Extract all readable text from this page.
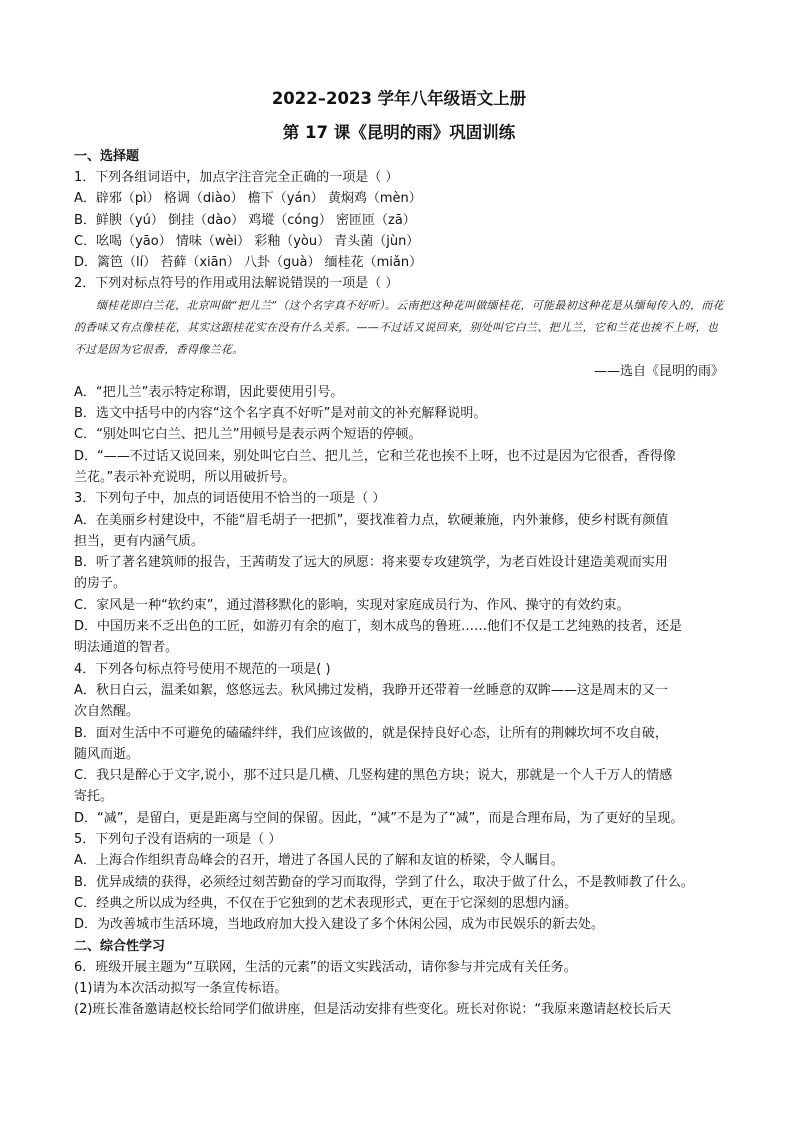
2022–2023 学年八年级语文上册

第 17 课《昆明的雨》巩固训练

一、选择题

1．下列各组词语中，加点字注音完全正确的一项是（ ）

A．辟邪（pì） 格调（diào） 檐下（yán） 黄焖鸡（mèn）

B．鲜腴（yú） 倒挂（dào） 鸡㙡（cóng） 密匝匝（zā）

C．吆喝（yāo） 情味（wèi） 彩釉（yòu） 青头菌（jùn）

D．篱笆（lí） 苔藓（xiān） 八卦（guà） 缅桂花（miǎn）

2．下列对标点符号的作用或用法解说错误的一项是（ ）

缅桂花即白兰花，北京叫做“把儿兰”（这个名字真不好听）。云南把这种花叫做缅桂花，可能最初这种花是从缅甸传入的，而花的香味又有点像桂花，其实这跟桂花实在没有什么关系。——不过话又说回来，别处叫它白兰、把儿兰，它和兰花也挨不上呀，也不过是因为它很香，香得像兰花。

——选自《昆明的雨》

A．“把儿兰”表示特定称谓，因此要使用引号。

B．选文中括号中的内容“这个名字真不好听”是对前文的补充解释说明。

C．“别处叫它白兰、把儿兰”用顿号是表示两个短语的停顿。

D．“——不过话又说回来，别处叫它白兰、把儿兰，它和兰花也挨不上呀，也不过是因为它很香，香得像

兰花。”表示补充说明，所以用破折号。

3．下列句子中，加点的词语使用不恰当的一项是（ ）

A．在美丽乡村建设中，不能“眉毛胡子一把抓”，要找准着力点，软硬兼施，内外兼修，使乡村既有颜值

担当，更有内涵气质。

B．听了著名建筑师的报告，王茜萌发了远大的夙愿：将来要专攻建筑学，为老百姓设计建造美观而实用

的房子。

C．家风是一种“软约束”，通过潜移默化的影响，实现对家庭成员行为、作风、操守的有效约束。

D．中国历来不乏出色的工匠，如游刃有余的庖丁，刻木成鸟的鲁班……他们不仅是工艺纯熟的技者，还是

明法通道的智者。

4．下列各句标点符号使用不规范的一项是( )

A．秋日白云，温柔如絮，悠悠远去。秋风拂过发梢，我睁开还带着一丝睡意的双眸——这是周末的又一

次自然醒。

B．面对生活中不可避免的磕磕绊绊，我们应该做的，就是保持良好心态，让所有的荆棘坎坷不攻自破，

随风而逝。

C．我只是醉心于文字,说小，那不过只是几横、几竖构建的黑色方块；说大，那就是一个人千万人的情感

寄托。

D．“减”，是留白，更是距离与空间的保留。因此，“减”不是为了“减”，而是合理布局，为了更好的呈现。

5．下列句子没有语病的一项是（ ）

A．上海合作组织青岛峰会的召开，增进了各国人民的了解和友谊的桥梁，令人瞩目。

B．优异成绩的获得，必须经过刻苦勤奋的学习而取得，学到了什么，取决于做了什么，不是教师教了什么。

C．经典之所以成为经典，不仅在于它独到的艺术表现形式，更在于它深刻的思想内涵。

D．为改善城市生活环境，当地政府加大投入建设了多个休闲公园，成为市民娱乐的新去处。

二、综合性学习

6．班级开展主题为“互联网，生活的元素”的语文实践活动，请你参与并完成有关任务。

(1)请为本次活动拟写一条宣传标语。

(2)班长准备邀请赵校长给同学们做讲座，但是活动安排有些变化。班长对你说：“我原来邀请赵校长后天
